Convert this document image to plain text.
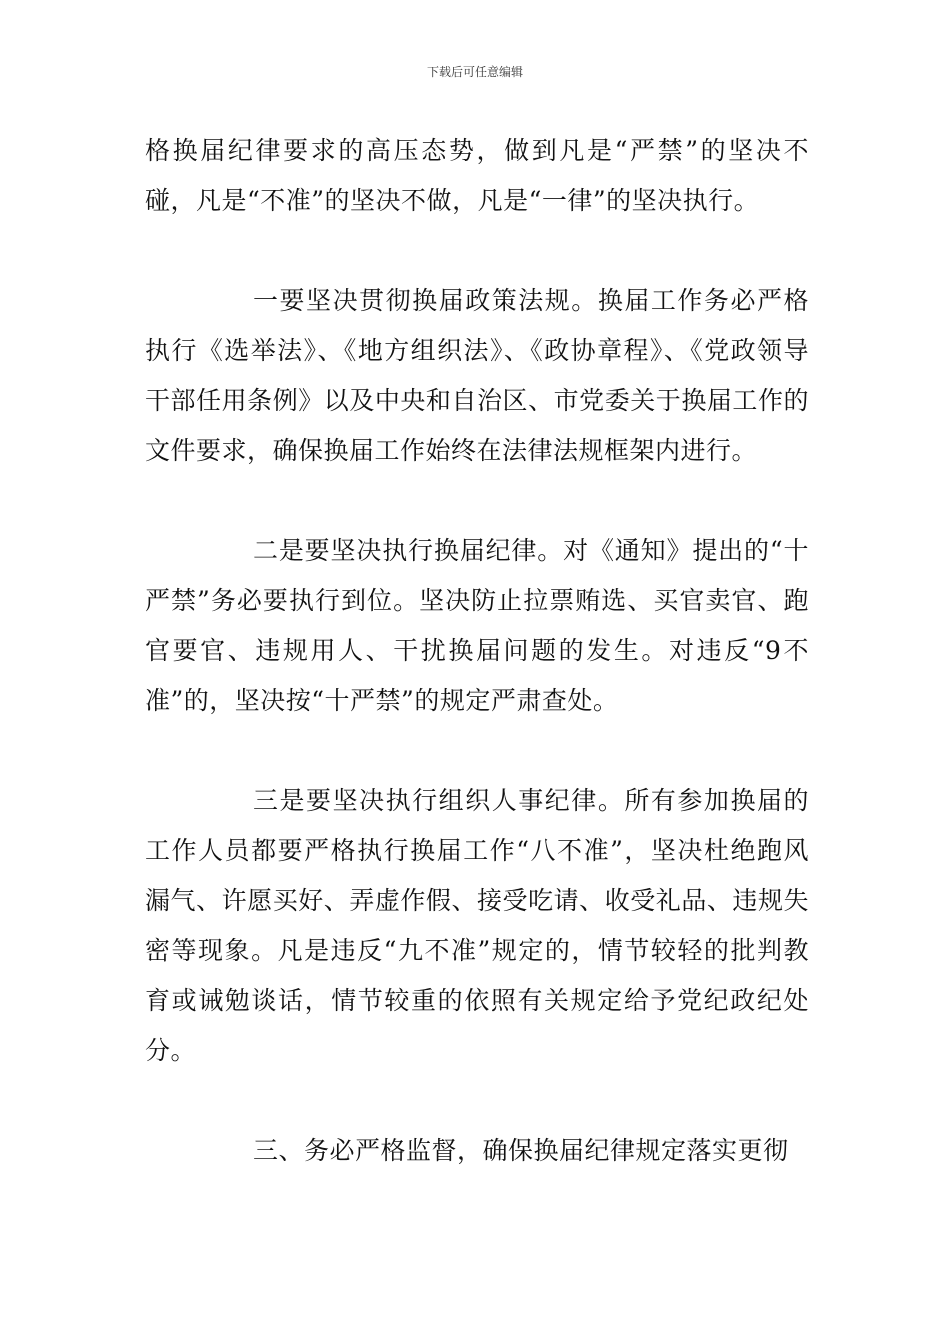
下载后可任意编辑

格换届纪律要求的高压态势，做到凡是“严禁”的坚决不碰，凡是“不准”的坚决不做，凡是“一律”的坚决执行。

一要坚决贯彻换届政策法规。换届工作务必严格执行《选举法》、《地方组织法》、《政协章程》、《党政领导干部任用条例》以及中央和自治区、市党委关于换届工作的文件要求，确保换届工作始终在法律法规框架内进行。

二是要坚决执行换届纪律。对《通知》提出的“十严禁”务必要执行到位。坚决防止拉票贿选、买官卖官、跑官要官、违规用人、干扰换届问题的发生。对违反“9不准”的，坚决按“十严禁”的规定严肃查处。

三是要坚决执行组织人事纪律。所有参加换届的工作人员都要严格执行换届工作“八不准”，坚决杜绝跑风漏气、许愿买好、弄虚作假、接受吃请、收受礼品、违规失密等现象。凡是违反“九不准”规定的，情节较轻的批判教育或诫勉谈话，情节较重的依照有关规定给予党纪政纪处分。

三、务必严格监督，确保换届纪律规定落实更彻
